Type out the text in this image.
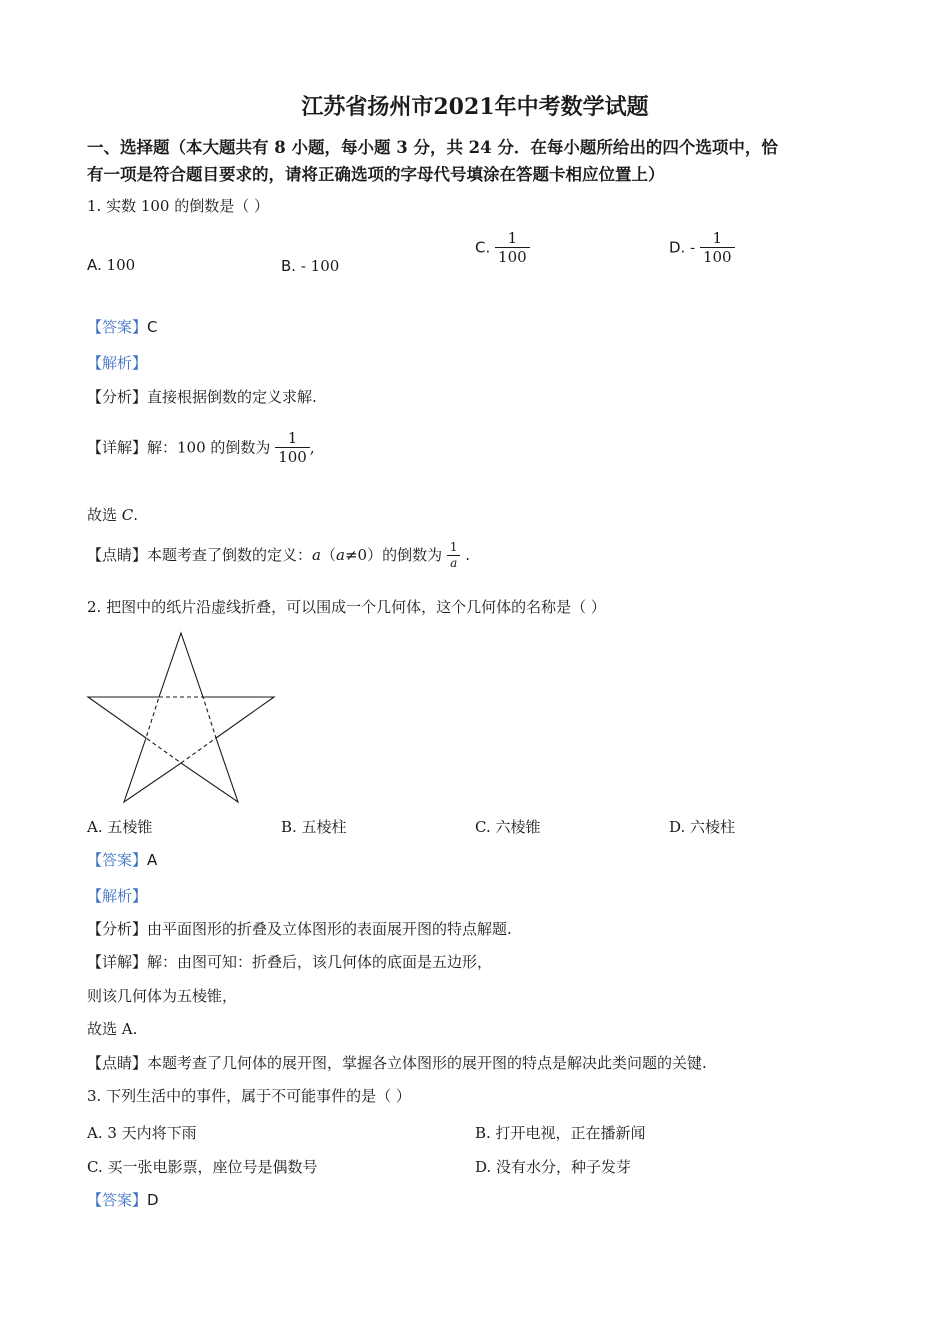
江苏省扬州市2021年中考数学试题
一、选择题（本大题共有 8 小题，每小题 3 分，共 24 分．在每小题所给出的四个选项中，恰
有一项是符合题目要求的，请将正确选项的字母代号填涂在答题卡相应位置上）
1. 实数 100 的倒数是（ ）
A. 100	B. - 100
C. $\frac{1}{100}$	D. - $\frac{1}{100}$
【答案】C
【解析】
【分析】直接根据倒数的定义求解.
【详解】解：100 的倒数为 $\frac{1}{100}$ ,
故选 C.
【点睛】本题考查了倒数的定义：a（a≠0）的倒数为 $\frac{1}{a}$ .
2. 把图中的纸片沿虚线折叠，可以围成一个几何体，这个几何体的名称是（ ）
A. 五棱锥	B. 五棱柱	C. 六棱锥	D. 六棱柱
【答案】A
【解析】
【分析】由平面图形的折叠及立体图形的表面展开图的特点解题.
【详解】解：由图可知：折叠后，该几何体的底面是五边形，
则该几何体为五棱锥，
故选 A.
【点睛】本题考查了几何体的展开图，掌握各立体图形的展开图的特点是解决此类问题的关键.
3. 下列生活中的事件，属于不可能事件的是（ ）
A. 3 天内将下雨	B. 打开电视，正在播新闻
C. 买一张电影票，座位号是偶数号	D. 没有水分，种子发芽
【答案】D
